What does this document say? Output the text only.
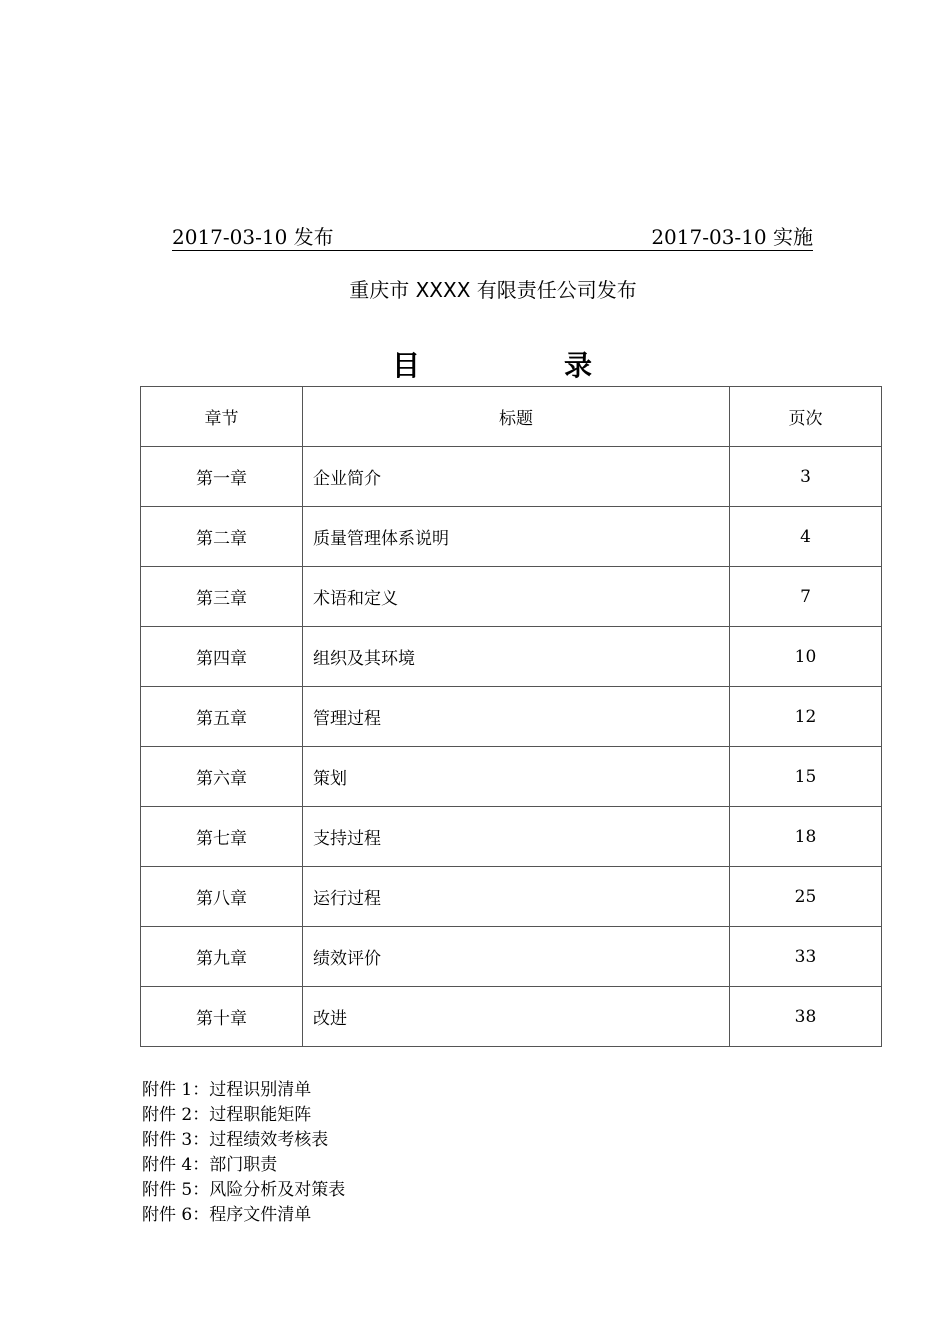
2017-03-10 发布	2017-03-10 实施
重庆市 XXXX 有限责任公司发布
目	录
章节	标题	页次
第一章	企业简介	3
第二章	质量管理体系说明	4
第三章	术语和定义	7
第四章	组织及其环境	10
第五章	管理过程	12
第六章	策划	15
第七章	支持过程	18
第八章	运行过程	25
第九章	绩效评价	33
第十章	改进	38
附件 1：过程识别清单
附件 2：过程职能矩阵
附件 3：过程绩效考核表
附件 4：部门职责
附件 5：风险分析及对策表
附件 6：程序文件清单
